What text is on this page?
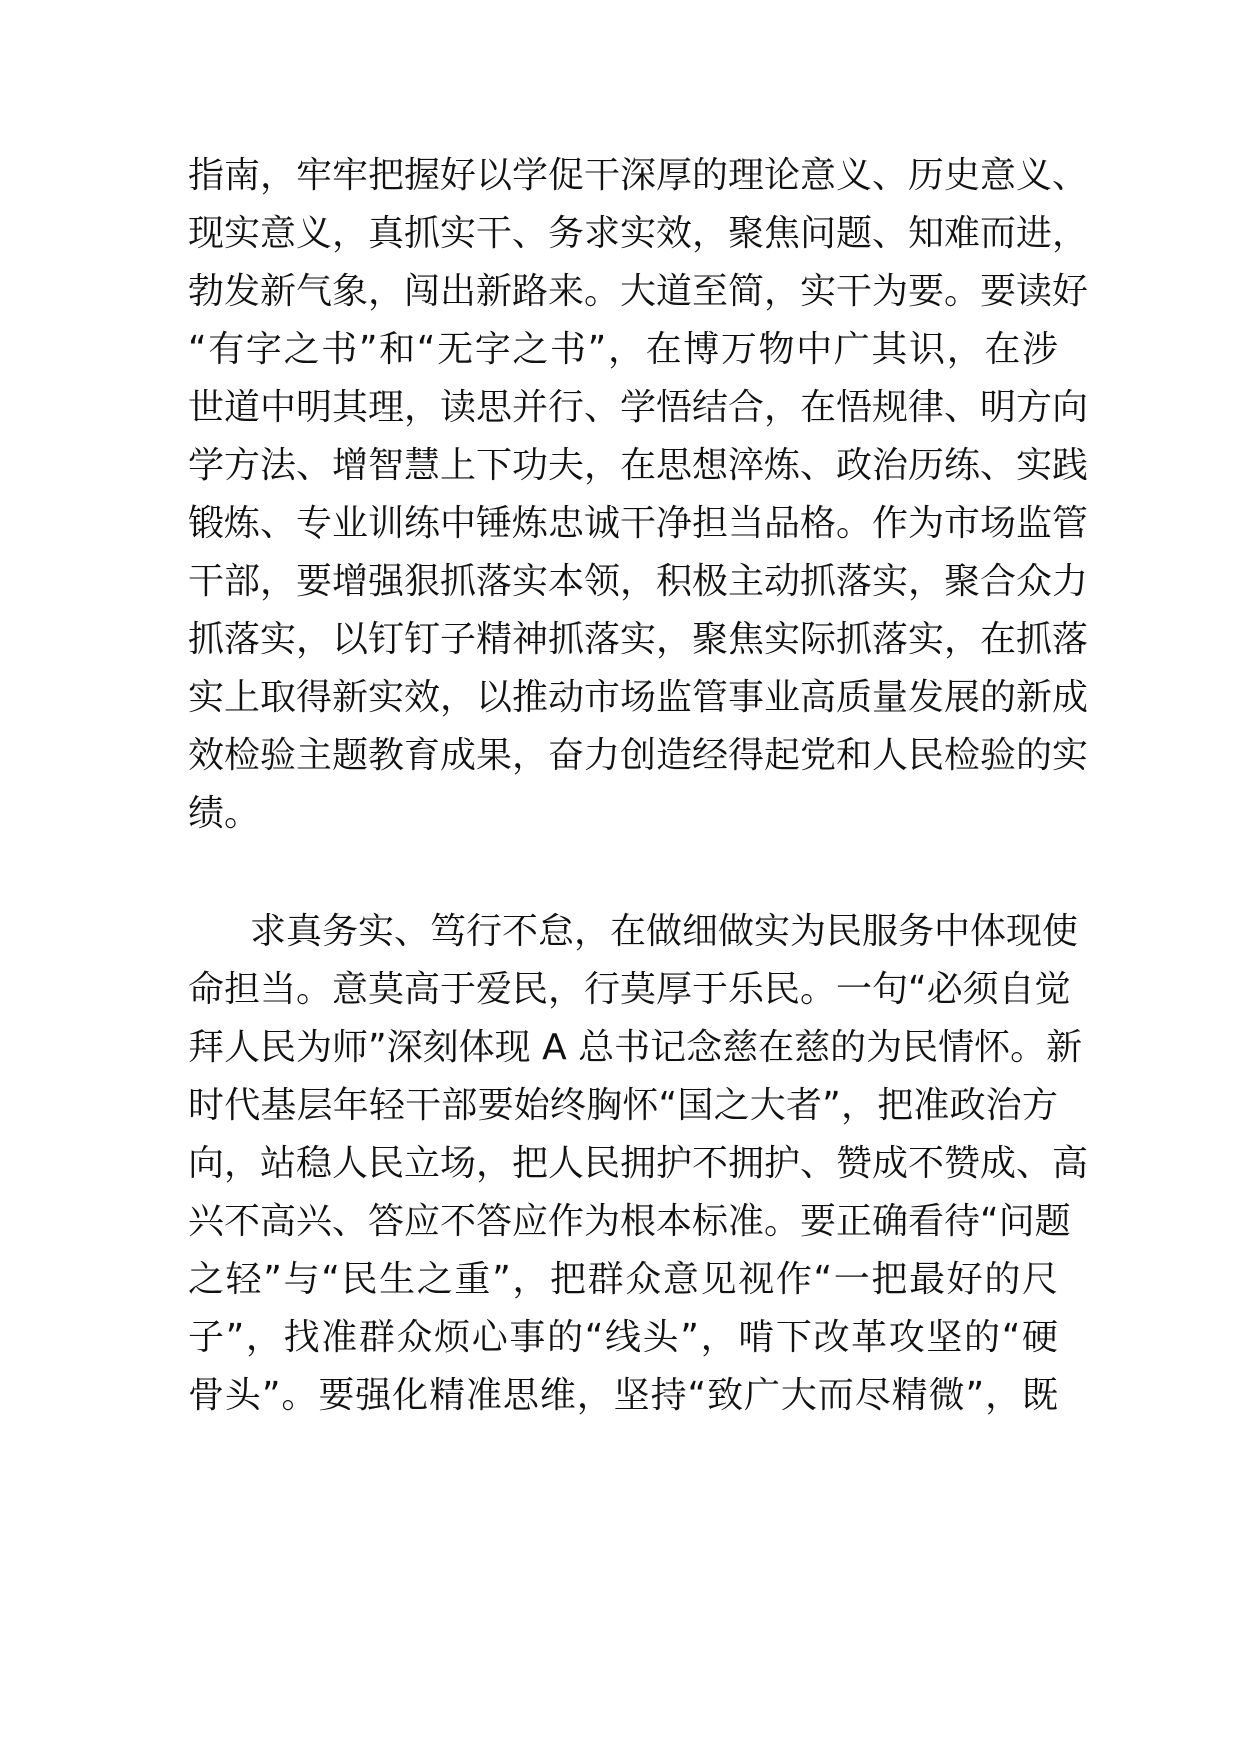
指南，牢牢把握好以学促干深厚的理论意义、历史意义、
现实意义，真抓实干、务求实效，聚焦问题、知难而进，
勃发新气象，闯出新路来。大道至简，实干为要。要读好
“有字之书”和“无字之书”，在博万物中广其识，在涉
世道中明其理，读思并行、学悟结合，在悟规律、明方向
学方法、增智慧上下功夫，在思想淬炼、政治历练、实践
锻炼、专业训练中锤炼忠诚干净担当品格。作为市场监管
干部，要增强狠抓落实本领，积极主动抓落实，聚合众力
抓落实，以钉钉子精神抓落实，聚焦实际抓落实，在抓落
实上取得新实效，以推动市场监管事业高质量发展的新成
效检验主题教育成果，奋力创造经得起党和人民检验的实
绩。
求真务实、笃行不怠，在做细做实为民服务中体现使
命担当。意莫高于爱民，行莫厚于乐民。一句“必须自觉
拜人民为师”深刻体现 A 总书记念慈在慈的为民情怀。新
时代基层年轻干部要始终胸怀“国之大者”，把准政治方
向，站稳人民立场，把人民拥护不拥护、赞成不赞成、高
兴不高兴、答应不答应作为根本标准。要正确看待“问题
之轻”与“民生之重”，把群众意见视作“一把最好的尺
子”，找准群众烦心事的“线头”，啃下改革攻坚的“硬
骨头”。要强化精准思维，坚持“致广大而尽精微”，既
